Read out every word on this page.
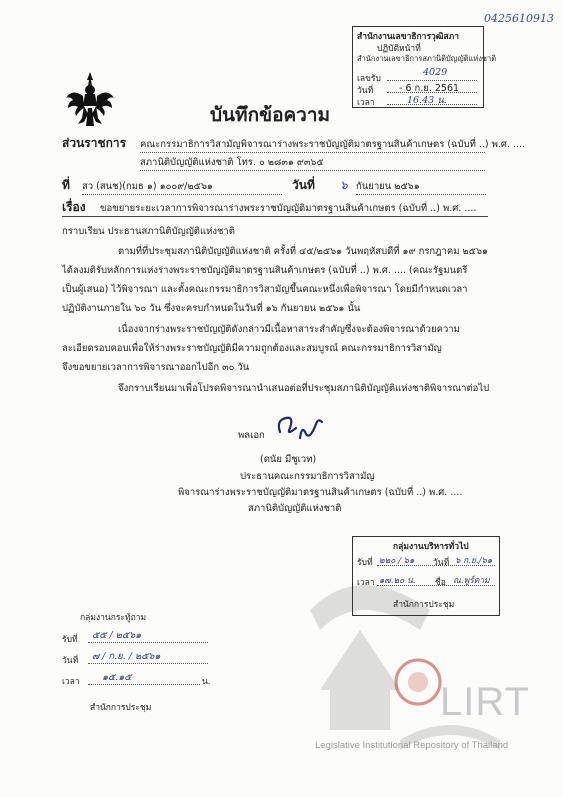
0425610913
สำนักงานเลขาธิการวุฒิสภา
ปฏิบัติหน้าที่
สำนักงานเลขาธิการสภานิติบัญญัติแห่งชาติ
เลขรับ
4029
วันที่	- 6 ก.ย. 2561
เวลา	16.43 น.
บันทึกข้อความ
ส่วนราชการ คณะกรรมาธิการวิสามัญพิจารณาร่างพระราชบัญญัติมาตรฐานสินค้าเกษตร (ฉบับที่ ..) พ.ศ. ....
สภานิติบัญญัติแห่งชาติ โทร. ๐ ๒๘๓๑ ๙๓๖๕
ที่ สว (สนช)(กมธ ๑) ๑๐๐๙/๒๕๖๑	วันที่ ๖ กันยายน ๒๕๖๑
เรื่อง ขอขยายระยะเวลาการพิจารณาร่างพระราชบัญญัติมาตรฐานสินค้าเกษตร (ฉบับที่ ..) พ.ศ. ....
กราบเรียน ประธานสภานิติบัญญัติแห่งชาติ
ตามที่ที่ประชุมสภานิติบัญญัติแห่งชาติ ครั้งที่ ๔๕/๒๕๖๑ วันพฤหัสบดีที่ ๑๙ กรกฎาคม ๒๕๖๑
ได้ลงมติรับหลักการแห่งร่างพระราชบัญญัติมาตรฐานสินค้าเกษตร (ฉบับที่ ..) พ.ศ. .... (คณะรัฐมนตรี
เป็นผู้เสนอ) ไว้พิจารณา และตั้งคณะกรรมาธิการวิสามัญขึ้นคณะหนึ่งเพื่อพิจารณา โดยมีกำหนดเวลา
ปฏิบัติงานภายใน ๖๐ วัน ซึ่งจะครบกำหนดในวันที่ ๑๖ กันยายน ๒๕๖๑ นั้น
เนื่องจากร่างพระราชบัญญัติดังกล่าวมีเนื้อหาสาระสำคัญซึ่งจะต้องพิจารณาด้วยความ
ละเอียดรอบคอบเพื่อให้ร่างพระราชบัญญัติมีความถูกต้องและสมบูรณ์ คณะกรรมาธิการวิสามัญ
จึงขอขยายเวลาการพิจารณาออกไปอีก ๓๐ วัน
จึงกราบเรียนมาเพื่อโปรดพิจารณานำเสนอต่อที่ประชุมสภานิติบัญญัติแห่งชาติพิจารณาต่อไป
พลเอก
(ดนัย มีชูเวท)
ประธานคณะกรรมาธิการวิสามัญ
พิจารณาร่างพระราชบัญญัติมาตรฐานสินค้าเกษตร (ฉบับที่ ..) พ.ศ. ....
สภานิติบัญญัติแห่งชาติ
LIRT
Legislative Institutional Repository of Thailand
กลุ่มงานบริหารทั่วไป
รับที่ ๒๒๐ / ๖๑ วันที่ ๖ ก.ย./๖๑
เวลา ๑๗.๒๐ น. ชื่อ ณ.พูร์ตาม
สำนักการประชุม
กลุ่มงานกระทู้ถาม
รับที่ ๕๕ / ๒๕๖๑
วันที่ ๗ / ก.ย. / ๒๕๖๑
เวลา ๑๕.๑๕	น.
สำนักการประชุม
